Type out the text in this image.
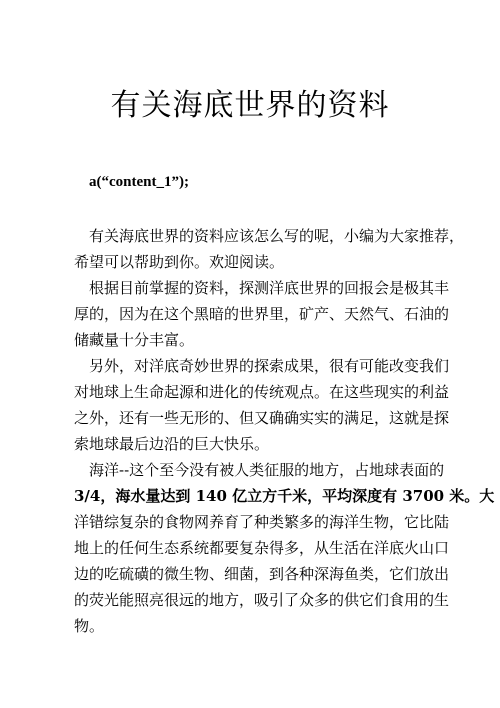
有关海底世界的资料
a(“content_1”);

有关海底世界的资料应该怎么写的呢，小编为大家推荐，
希望可以帮助到你。欢迎阅读。

根据目前掌握的资料，探测洋底世界的回报会是极其丰
厚的，因为在这个黑暗的世界里，矿产、天然气、石油的
储藏量十分丰富。

另外，对洋底奇妙世界的探索成果，很有可能改变我们
对地球上生命起源和进化的传统观点。在这些现实的利益
之外，还有一些无形的、但又确确实实的满足，这就是探
索地球最后边沿的巨大快乐。

海洋--这个至今没有被人类征服的地方，占地球表面的
3/4，海水量达到 140 亿立方千米，平均深度有 3700 米。大
洋错综复杂的食物网养育了种类繁多的海洋生物，它比陆
地上的任何生态系统都要复杂得多，从生活在洋底火山口
边的吃硫磺的微生物、细菌，到各种深海鱼类，它们放出
的荧光能照亮很远的地方，吸引了众多的供它们食用的生
物。
